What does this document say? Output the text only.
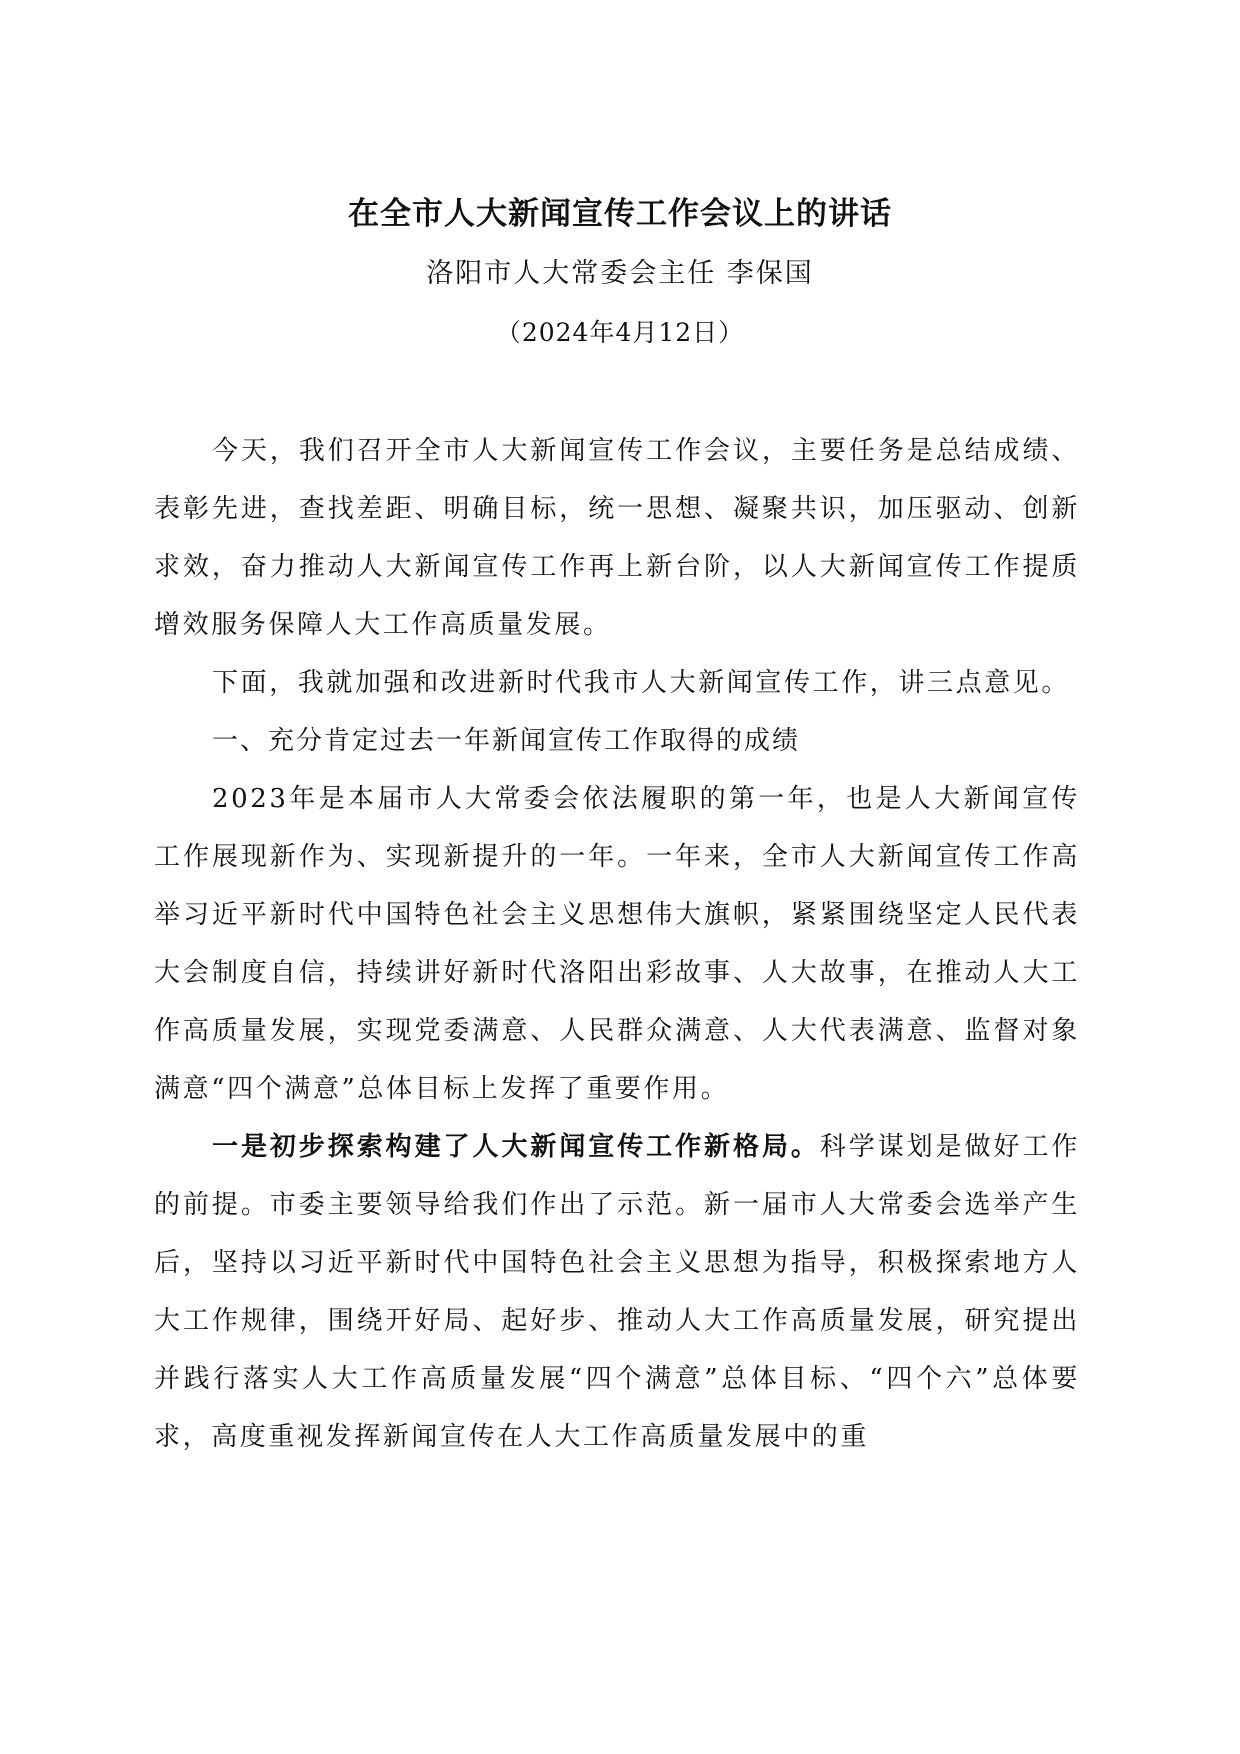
在全市人大新闻宣传工作会议上的讲话
洛阳市人大常委会主任 李保国
（2024年4月12日）

今天，我们召开全市人大新闻宣传工作会议，主要任务是总结成绩、表彰先进，查找差距、明确目标，统一思想、凝聚共识，加压驱动、创新求效，奋力推动人大新闻宣传工作再上新台阶，以人大新闻宣传工作提质增效服务保障人大工作高质量发展。

下面，我就加强和改进新时代我市人大新闻宣传工作，讲三点意见。

一、充分肯定过去一年新闻宣传工作取得的成绩

2023年是本届市人大常委会依法履职的第一年，也是人大新闻宣传工作展现新作为、实现新提升的一年。一年来，全市人大新闻宣传工作高举习近平新时代中国特色社会主义思想伟大旗帜，紧紧围绕坚定人民代表大会制度自信，持续讲好新时代洛阳出彩故事、人大故事，在推动人大工作高质量发展，实现党委满意、人民群众满意、人大代表满意、监督对象满意“四个满意”总体目标上发挥了重要作用。

一是初步探索构建了人大新闻宣传工作新格局。科学谋划是做好工作的前提。市委主要领导给我们作出了示范。新一届市人大常委会选举产生后，坚持以习近平新时代中国特色社会主义思想为指导，积极探索地方人大工作规律，围绕开好局、起好步、推动人大工作高质量发展，研究提出并践行落实人大工作高质量发展“四个满意”总体目标、“四个六”总体要求，高度重视发挥新闻宣传在人大工作高质量发展中的重
